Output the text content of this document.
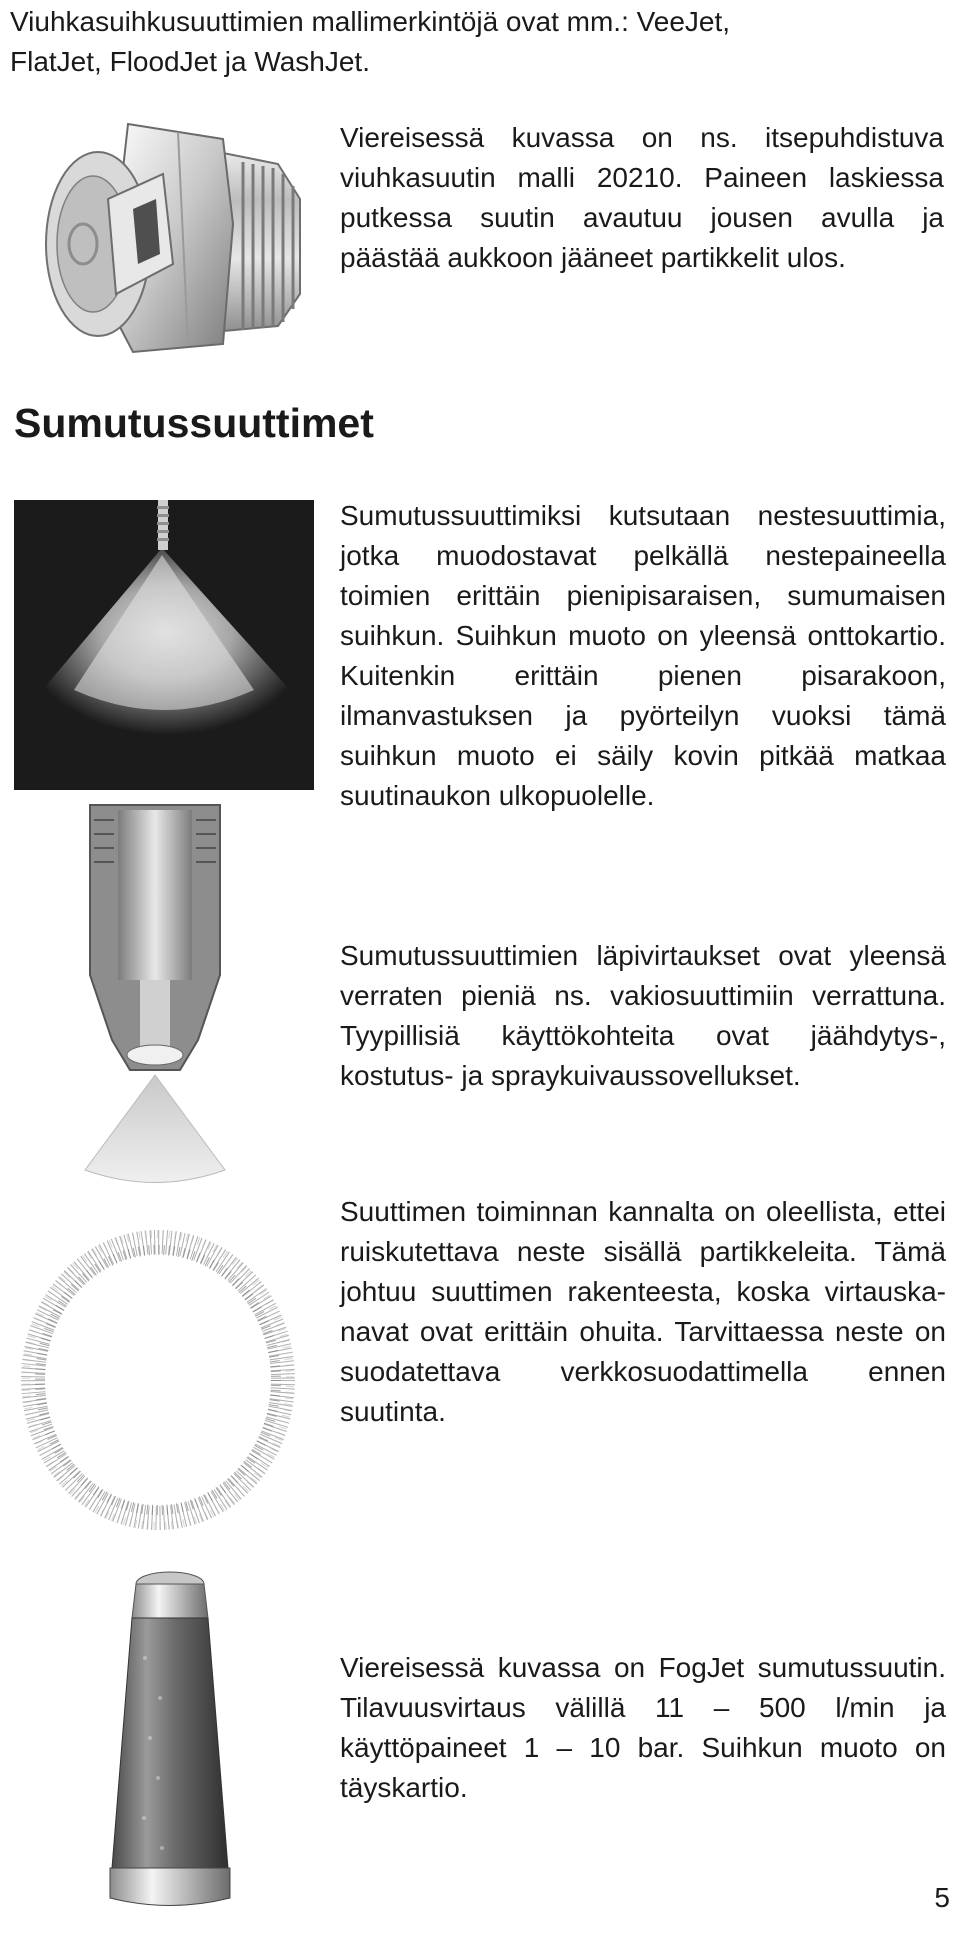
Viuhkasuihkusuuttimien mallimerkintöjä ovat mm.: VeeJet,
FlatJet, FloodJet ja WashJet.
Viereisessä kuvassa on ns. itsepuhdistuva viuhkasuutin malli 20210. Paineen laskiessa putkessa suutin avautuu jousen avulla ja päästää aukkoon jääneet partikkelit ulos.
Sumutussuuttimet
Sumutussuuttimiksi kutsutaan nestesuuttimia, jotka muodostavat pelkällä nestepaineella toimien erittäin pienipisaraisen, sumumaisen suihkun. Suihkun muoto on yleensä onttokartio. Kuitenkin erittäin pienen pisarakoon, ilmanvastuksen ja pyörteilyn vuoksi tämä suihkun muoto ei säily kovin pitkää matkaa suutinaukon ulkopuolelle.
Sumutussuuttimien läpivirtaukset ovat yleensä verraten pieniä ns. vakiosuuttimiin verrattuna. Tyypillisiä käyttökohteita ovat jäähdytys-, kostutus- ja spraykuivaussovellukset.
Suuttimen toiminnan kannalta on oleellista, ettei ruiskutettava neste sisällä partikkeleita. Tämä johtuu suuttimen rakenteesta, koska virtauskanavat ovat erittäin ohuita. Tarvittaessa neste on suodatettava verkkosuodattimella ennen suutinta.
Viereisessä kuvassa on FogJet sumutussuutin. Tilavuusvirtaus välillä 11 – 500 l/min ja käyttöpaineet 1 – 10 bar. Suihkun muoto on täyskartio.
5
